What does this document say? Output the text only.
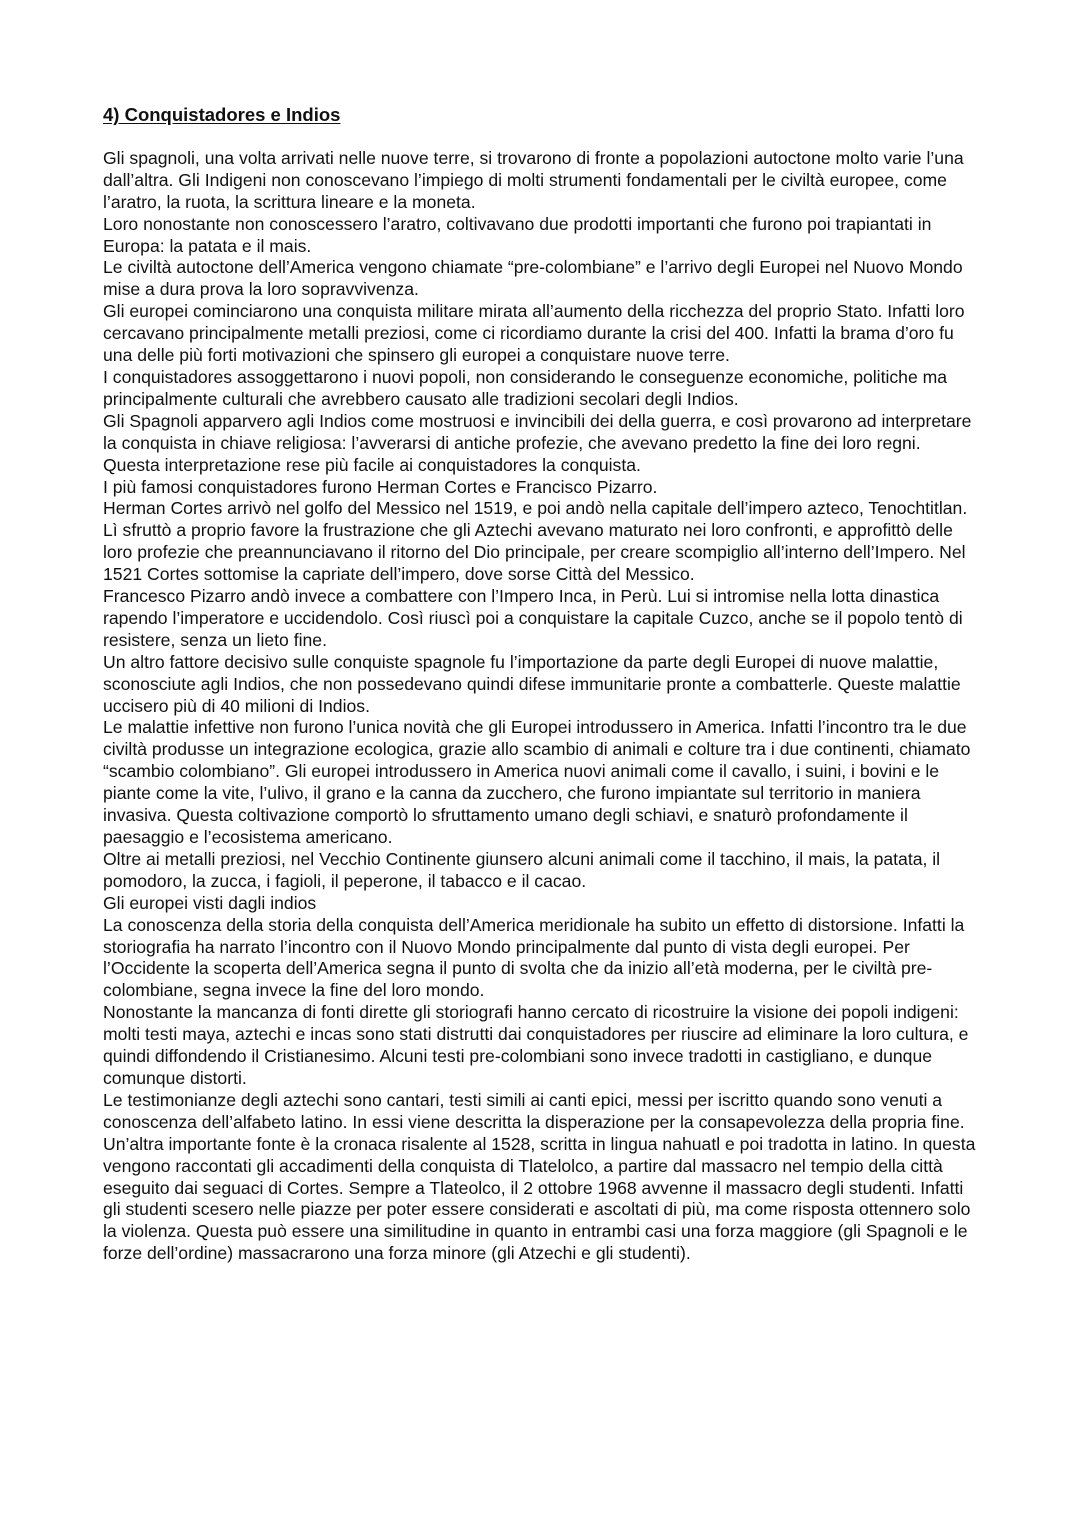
4) Conquistadores e Indios

Gli spagnoli, una volta arrivati nelle nuove terre, si trovarono di fronte a popolazioni autoctone molto varie l’una dall’altra. Gli Indigeni non conoscevano l’impiego di molti strumenti fondamentali per le civiltà europee, come l’aratro, la ruota, la scrittura lineare e la moneta.

Loro nonostante non conoscessero l’aratro, coltivavano due prodotti importanti che furono poi trapiantati in Europa: la patata e il mais.

Le civiltà autoctone dell’America vengono chiamate “pre-colombiane” e l’arrivo degli Europei nel Nuovo Mondo mise a dura prova la loro sopravvivenza.

Gli europei cominciarono una conquista militare mirata all’aumento della ricchezza del proprio Stato. Infatti loro cercavano principalmente metalli preziosi, come ci ricordiamo durante la crisi del 400. Infatti la brama d’oro fu una delle più forti motivazioni che spinsero gli europei a conquistare nuove terre.

I conquistadores assoggettarono i nuovi popoli, non considerando le conseguenze economiche, politiche ma principalmente culturali che avrebbero causato alle tradizioni secolari degli Indios.

Gli Spagnoli apparvero agli Indios come mostruosi e invincibili dei della guerra, e così provarono ad interpretare la conquista in chiave religiosa: l’avverarsi di antiche profezie, che avevano predetto la fine dei loro regni.

Questa interpretazione rese più facile ai conquistadores la conquista.

I più famosi conquistadores furono Herman Cortes e Francisco Pizarro.

Herman Cortes arrivò nel golfo del Messico nel 1519, e poi andò nella capitale dell’impero azteco, Tenochtitlan. Lì sfruttò a proprio favore la frustrazione che gli Aztechi avevano maturato nei loro confronti, e approfittò delle loro profezie che preannunciavano il ritorno del Dio principale, per creare scompiglio all’interno dell’Impero. Nel 1521 Cortes sottomise la capriate dell’impero, dove sorse Città del Messico.

Francesco Pizarro andò invece a combattere con l’Impero Inca, in Perù. Lui si intromise nella lotta dinastica rapendo l’imperatore e uccidendolo. Così riuscì poi a conquistare la capitale Cuzco, anche se il popolo tentò di resistere, senza un lieto fine.

Un altro fattore decisivo sulle conquiste spagnole fu l’importazione da parte degli Europei di nuove malattie, sconosciute agli Indios, che non possedevano quindi difese immunitarie pronte a combatterle. Queste malattie uccisero più di 40 milioni di Indios.

Le malattie infettive non furono l’unica novità che gli Europei introdussero in America. Infatti l’incontro tra le due civiltà produsse un integrazione ecologica, grazie allo scambio di animali e colture tra i due continenti, chiamato “scambio colombiano”. Gli europei introdussero in America nuovi animali come il cavallo, i suini, i bovini e le piante come la vite, l’ulivo, il grano e la canna da zucchero, che furono impiantate sul territorio in maniera invasiva. Questa coltivazione comportò lo sfruttamento umano degli schiavi, e snaturò profondamente il paesaggio e l’ecosistema americano.

Oltre ai metalli preziosi, nel Vecchio Continente giunsero alcuni animali come il tacchino, il mais, la patata, il pomodoro, la zucca, i fagioli, il peperone, il tabacco e il cacao.

Gli europei visti dagli indios

La conoscenza della storia della conquista dell’America meridionale ha subito un effetto di distorsione. Infatti la storiografia ha narrato l’incontro con il Nuovo Mondo principalmente dal punto di vista degli europei. Per l’Occidente la scoperta dell’America segna il punto di svolta che da inizio all’età moderna, per le civiltà pre-colombiane, segna invece la fine del loro mondo.

Nonostante la mancanza di fonti dirette gli storiografi hanno cercato di ricostruire la visione dei popoli indigeni: molti testi maya, aztechi e incas sono stati distrutti dai conquistadores per riuscire ad eliminare la loro cultura, e quindi diffondendo il Cristianesimo. Alcuni testi pre-colombiani sono invece tradotti in castigliano, e dunque comunque distorti.

Le testimonianze degli aztechi sono cantari, testi simili ai canti epici, messi per iscritto quando sono venuti a conoscenza dell’alfabeto latino. In essi viene descritta la disperazione per la consapevolezza della propria fine.

Un’altra importante fonte è la cronaca risalente al 1528, scritta in lingua nahuatl e poi tradotta in latino. In questa vengono raccontati gli accadimenti della conquista di Tlatelolco, a partire dal massacro nel tempio della città eseguito dai seguaci di Cortes. Sempre a Tlateolco, il 2 ottobre 1968 avvenne il massacro degli studenti. Infatti gli studenti scesero nelle piazze per poter essere considerati e ascoltati di più, ma come risposta ottennero solo la violenza. Questa può essere una similitudine in quanto in entrambi casi una forza maggiore (gli Spagnoli e le forze dell’ordine) massacrarono una forza minore (gli Atzechi e gli studenti).
